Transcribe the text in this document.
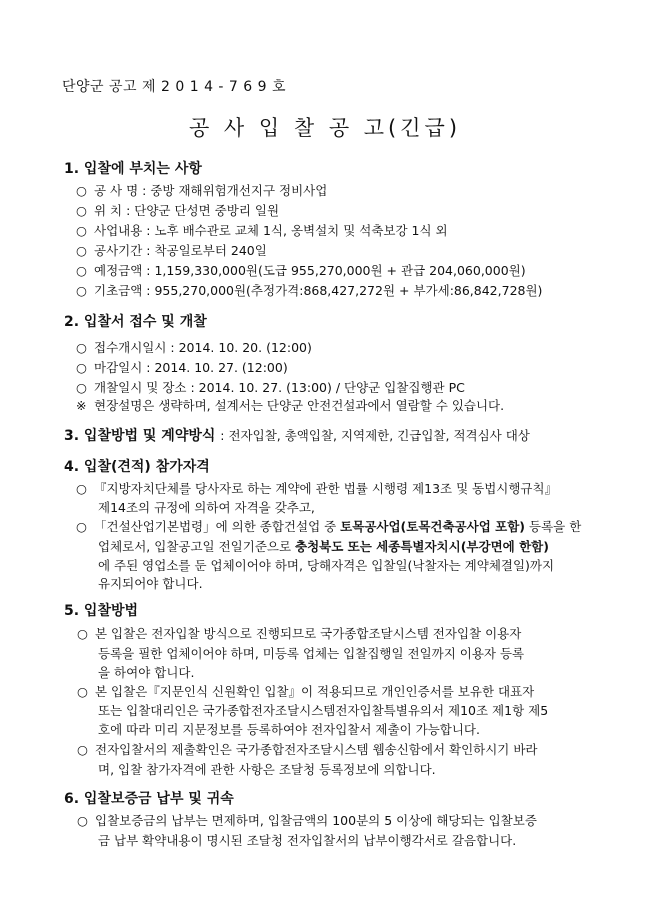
단양군 공고 제 2 0 1 4 - 7 6 9 호
공 사 입 찰 공 고(긴급)
1. 입찰에 부치는 사항
○ 공 사 명 : 중방 재해위험개선지구 정비사업
○ 위 치 : 단양군 단성면 중방리 일원
○ 사업내용 : 노후 배수관로 교체 1식, 옹벽설치 및 석축보강 1식 외
○ 공사기간 : 착공일로부터 240일
○ 예정금액 : 1,159,330,000원(도급 955,270,000원 + 관급 204,060,000원)
○ 기초금액 : 955,270,000원(추정가격:868,427,272원 + 부가세:86,842,728원)
2. 입찰서 접수 및 개찰
○ 접수개시일시 : 2014. 10. 20. (12:00)
○ 마감일시 : 2014. 10. 27. (12:00)
○ 개찰일시 및 장소 : 2014. 10. 27. (13:00) / 단양군 입찰집행관 PC
※ 현장설명은 생략하며, 설계서는 단양군 안전건설과에서 열람할 수 있습니다.
3. 입찰방법 및 계약방식 : 전자입찰, 총액입찰, 지역제한, 긴급입찰, 적격심사 대상
4. 입찰(견적) 참가자격
○ 『지방자치단체를 당사자로 하는 계약에 관한 법률 시행령 제13조 및 동법시행규칙』
제14조의 규정에 의하여 자격을 갖추고,
○ 「건설산업기본법령」에 의한 종합건설업 중 토목공사업(토목건축공사업 포함) 등록을 한
업체로서, 입찰공고일 전일기준으로 충청북도 또는 세종특별자치시(부강면에 한함)
에 주된 영업소를 둔 업체이어야 하며, 당해자격은 입찰일(낙찰자는 계약체결일)까지
유지되어야 합니다.
5. 입찰방법
○ 본 입찰은 전자입찰 방식으로 진행되므로 국가종합조달시스템 전자입찰 이용자
등록을 필한 업체이어야 하며, 미등록 업체는 입찰집행일 전일까지 이용자 등록
을 하여야 합니다.
○ 본 입찰은『지문인식 신원확인 입찰』이 적용되므로 개인인증서를 보유한 대표자
또는 입찰대리인은 국가종합전자조달시스템전자입찰특별유의서 제10조 제1항 제5
호에 따라 미리 지문정보를 등록하여야 전자입찰서 제출이 가능합니다.
○ 전자입찰서의 제출확인은 국가종합전자조달시스템 웹송신함에서 확인하시기 바라
며, 입찰 참가자격에 관한 사항은 조달청 등록정보에 의합니다.
6. 입찰보증금 납부 및 귀속
○ 입찰보증금의 납부는 면제하며, 입찰금액의 100분의 5 이상에 해당되는 입찰보증
금 납부 확약내용이 명시된 조달청 전자입찰서의 납부이행각서로 갈음합니다.
